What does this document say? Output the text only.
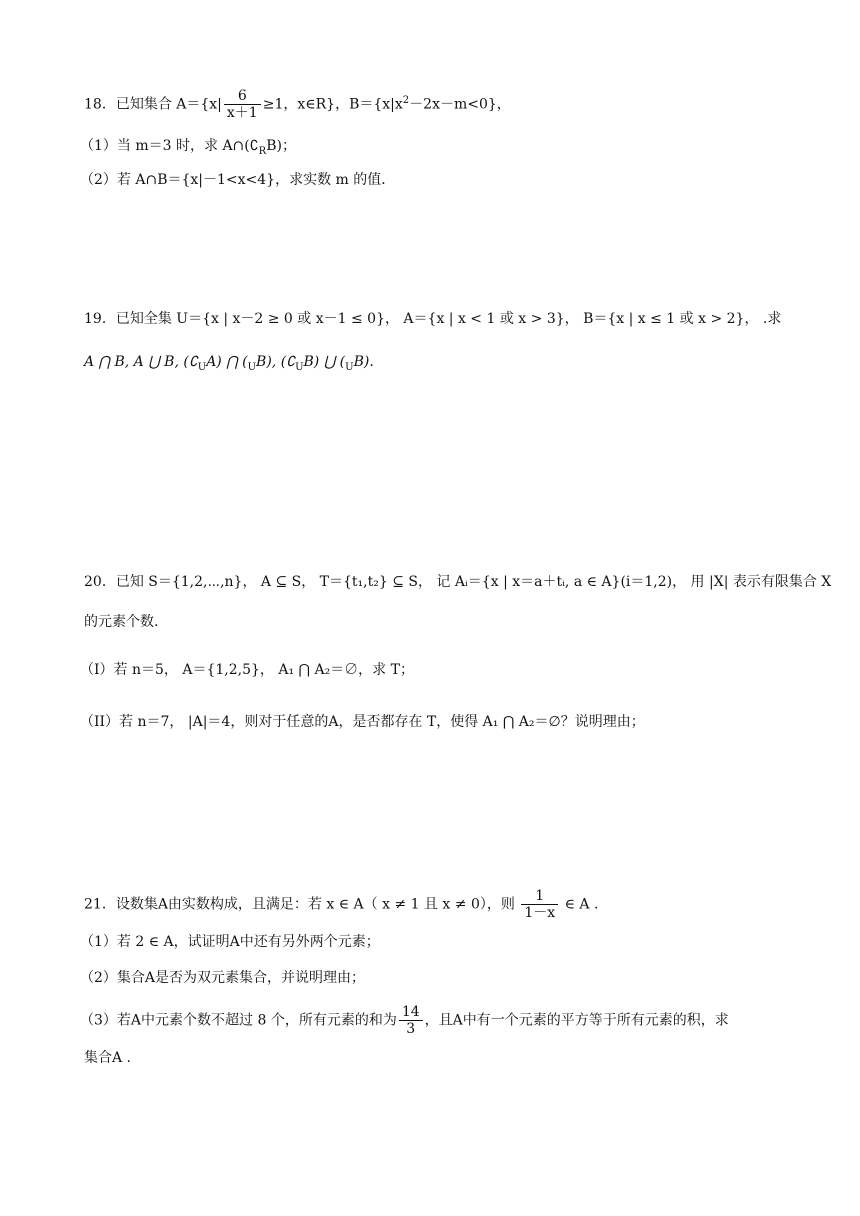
18．已知集合 $A=\{x| \frac{6}{x+1} \ge 1$，x∈R}，$B=\{x|x^2-2x-m<0\}$，
（1）当 m＝3 时，求 $A\cap(∁_RB)$；
（2）若 A∩B＝{x|－1<x<4}，求实数 m 的值．
19．已知全集 U＝{x | x－2 ≥ 0 或 x－1 ≤ 0}， A＝{x | x < 1 或 x > 3}， B＝{x | x ≤ 1 或 x > 2}， .求
A ⋂ B, A ⋃ B, $(∁_UA)$ ⋂ $(_UB)$, $(∁_UB)$ ⋃ $(_UB)$.
20．已知 S＝{1,2,⋯,n}， A ⊆ S， T＝{t₁,t₂} ⊆ S， 记 Aᵢ＝{x | x＝a＋tᵢ, a ∈ A}(i＝1,2)， 用 |X| 表示有限集合 X
的元素个数.
（I）若 n＝5， A＝{1,2,5}， A₁ ⋂ A₂＝∅，求 T；
（II）若 n＝7， |A|＝4，则对于任意的A，是否都存在 T，使得 A₁ ⋂ A₂＝∅？说明理由；
21．设数集A由实数构成，且满足：若 x ∈ A（ x ≠ 1 且 x ≠ 0），则 $\frac{1}{1-x}$ ∈ A .
（1）若 2 ∈ A，试证明A中还有另外两个元素；
（2）集合A是否为双元素集合，并说明理由；
（3）若A中元素个数不超过 8 个，所有元素的和为 $\frac{14}{3}$ ，且A中有一个元素的平方等于所有元素的积，求
集合A .
